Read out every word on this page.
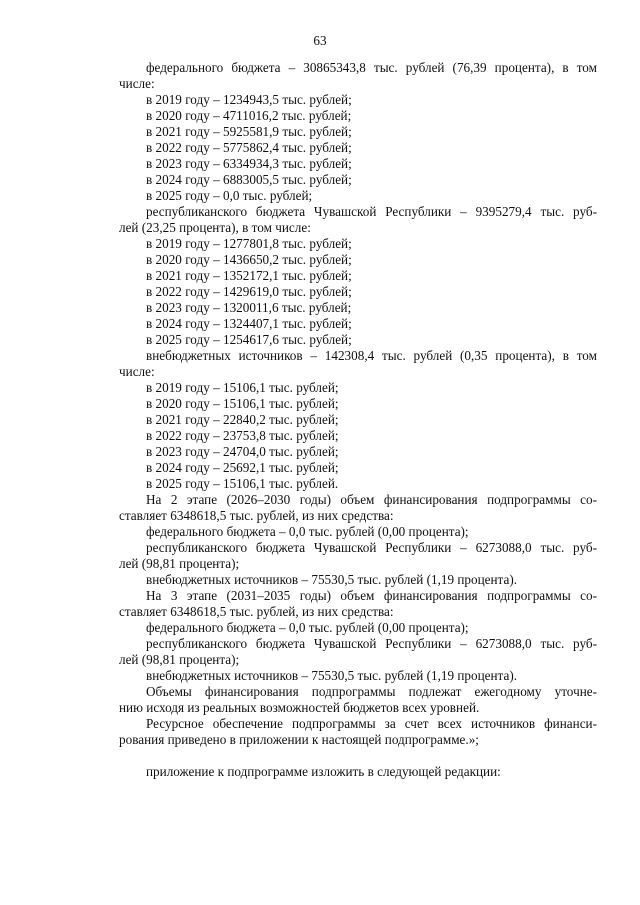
63
федерального бюджета – 30865343,8 тыс. рублей (76,39 процента), в том
числе:
в 2019 году – 1234943,5 тыс. рублей;
в 2020 году – 4711016,2 тыс. рублей;
в 2021 году – 5925581,9 тыс. рублей;
в 2022 году – 5775862,4 тыс. рублей;
в 2023 году – 6334934,3 тыс. рублей;
в 2024 году – 6883005,5 тыс. рублей;
в 2025 году – 0,0 тыс. рублей;
республиканского бюджета Чувашской Республики – 9395279,4 тыс. руб-
лей (23,25 процента), в том числе:
в 2019 году – 1277801,8 тыс. рублей;
в 2020 году – 1436650,2 тыс. рублей;
в 2021 году – 1352172,1 тыс. рублей;
в 2022 году – 1429619,0 тыс. рублей;
в 2023 году – 1320011,6 тыс. рублей;
в 2024 году – 1324407,1 тыс. рублей;
в 2025 году – 1254617,6 тыс. рублей;
внебюджетных источников – 142308,4 тыс. рублей (0,35 процента), в том
числе:
в 2019 году – 15106,1 тыс. рублей;
в 2020 году – 15106,1 тыс. рублей;
в 2021 году – 22840,2 тыс. рублей;
в 2022 году – 23753,8 тыс. рублей;
в 2023 году – 24704,0 тыс. рублей;
в 2024 году – 25692,1 тыс. рублей;
в 2025 году – 15106,1 тыс. рублей.
На 2 этапе (2026–2030 годы) объем финансирования подпрограммы со-
ставляет 6348618,5 тыс. рублей, из них средства:
федерального бюджета – 0,0 тыс. рублей (0,00 процента);
республиканского бюджета Чувашской Республики – 6273088,0 тыс. руб-
лей (98,81 процента);
внебюджетных источников – 75530,5 тыс. рублей (1,19 процента).
На 3 этапе (2031–2035 годы) объем финансирования подпрограммы со-
ставляет 6348618,5 тыс. рублей, из них средства:
федерального бюджета – 0,0 тыс. рублей (0,00 процента);
республиканского бюджета Чувашской Республики – 6273088,0 тыс. руб-
лей (98,81 процента);
внебюджетных источников – 75530,5 тыс. рублей (1,19 процента).
Объемы финансирования подпрограммы подлежат ежегодному уточне-
нию исходя из реальных возможностей бюджетов всех уровней.
Ресурсное обеспечение подпрограммы за счет всех источников финанси-
рования приведено в приложении к настоящей подпрограмме.»;
приложение к подпрограмме изложить в следующей редакции:
